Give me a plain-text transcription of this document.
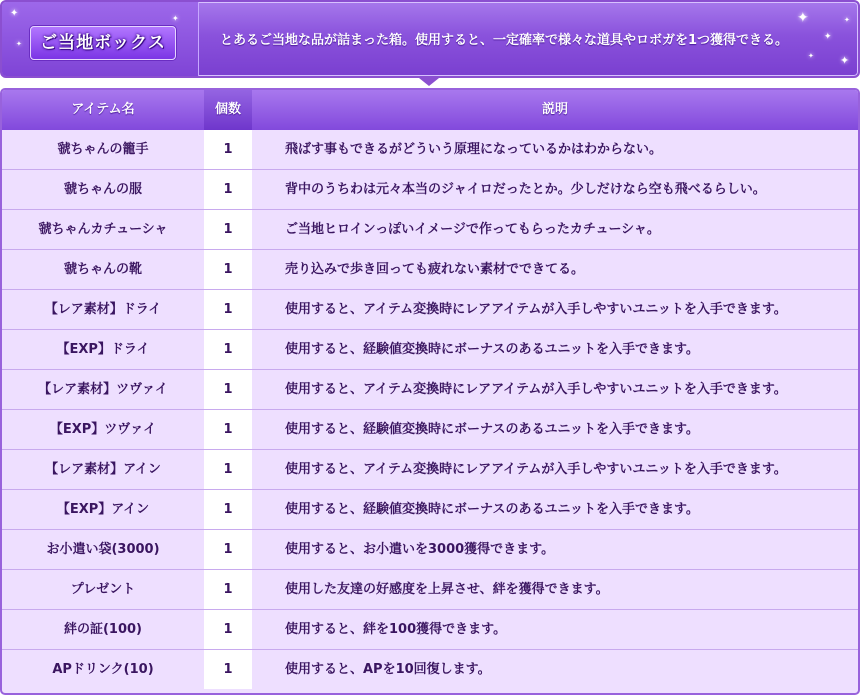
ご当地ボックス	とあるご当地な品が詰まった箱。使用すると、一定確率で様々な道具やロボガを1つ獲得できる。
✦
✦
✦	✦
✦
✦
✦ ✦
アイテム名	個数	説明
虢ちゃんの籠手	1	飛ばす事もできるがどういう原理になっているかはわからない。
虢ちゃんの服	1	背中のうちわは元々本当のジャイロだったとか。少しだけなら空も飛べるらしい。
虢ちゃんカチューシャ	1	ご当地ヒロインっぽいイメージで作ってもらったカチューシャ。
虢ちゃんの靴	1	売り込みで歩き回っても疲れない素材でできてる。
【レア素材】ドライ	1	使用すると、アイテム変換時にレアアイテムが入手しやすいユニットを入手できます。
【EXP】ドライ	1	使用すると、経験値変換時にボーナスのあるユニットを入手できます。
【レア素材】ツヴァイ	1	使用すると、アイテム変換時にレアアイテムが入手しやすいユニットを入手できます。
【EXP】ツヴァイ	1	使用すると、経験値変換時にボーナスのあるユニットを入手できます。
【レア素材】アイン	1	使用すると、アイテム変換時にレアアイテムが入手しやすいユニットを入手できます。
【EXP】アイン	1	使用すると、経験値変換時にボーナスのあるユニットを入手できます。
お小遣い袋(3000)	1	使用すると、お小遣いを3000獲得できます。
プレゼント	1	使用した友達の好感度を上昇させ、絆を獲得できます。
絆の証(100)	1	使用すると、絆を100獲得できます。
APドリンク(10)	1	使用すると、APを10回復します。
